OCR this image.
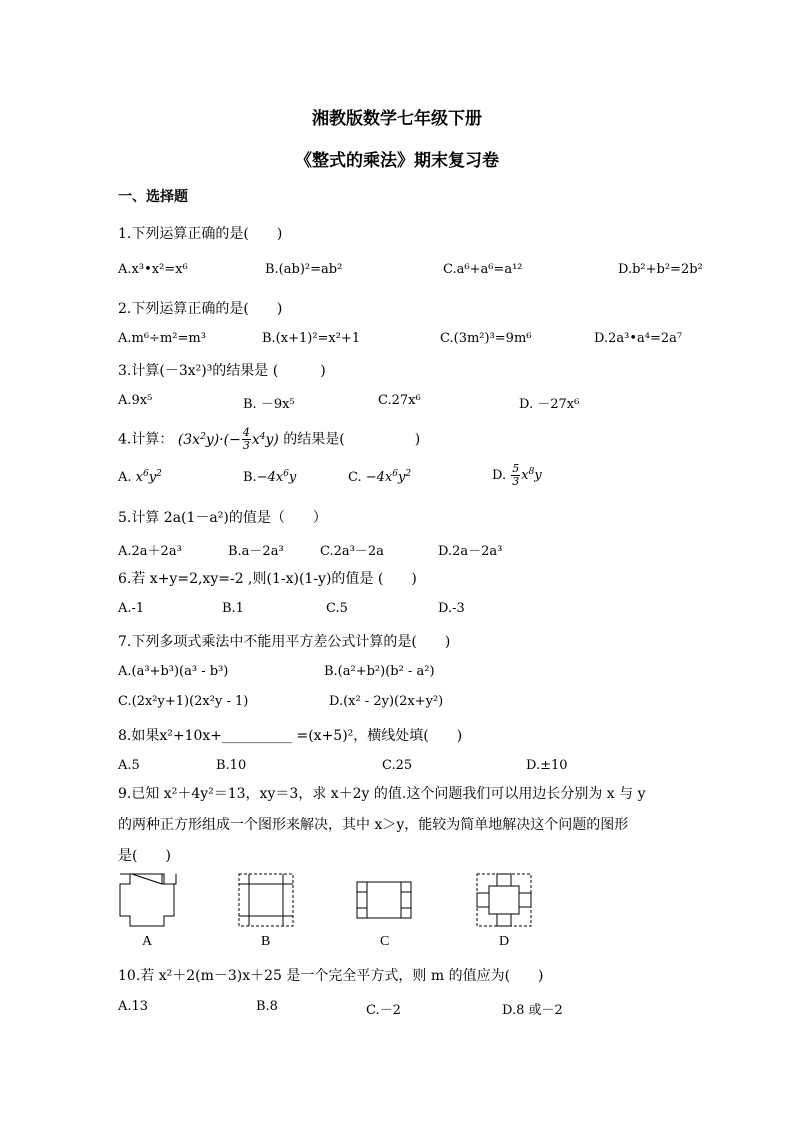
湘教版数学七年级下册
《整式的乘法》期末复习卷
一、选择题
1.下列运算正确的是(　　)
A.x³•x²=x⁶	B.(ab)²=ab²	C.a⁶+a⁶=a¹²	D.b²+b²=2b²
2.下列运算正确的是(　　)
A.m⁶÷m²=m³	B.(x+1)²=x²+1	C.(3m²)³=9m⁶	D.2a³•a⁴=2a⁷
3.计算(－3x²)³的结果是 (　　　)
A.9x⁵	B. －9x⁵	C.27x⁶	D. －27x⁶
4.计算： $(3x^2y)\cdot(- \frac{4}{3} x^4y)$ 的结果是(　　　　　)
A. $x^6y^2$	$B.-4x^6y$	C. $-4x^6y^2$	D. $\frac{5}{3} x^8y$
5.计算 2a(1－a²)的值是（　　）
A.2a＋2a³	B.a－2a³	C.2a³－2a	D.2a－2a³
6.若 x+y=2,xy=-2 ,则(1-x)(1-y)的值是 (　　)
A.-1	B.1	C.5	D.-3
7.下列多项式乘法中不能用平方差公式计算的是(　　)
A.(a³+b³)(a³ - b³)	B.(a²+b²)(b² - a²)
C.(2x²y+1)(2x²y - 1)	D.(x² - 2y)(2x+y²)
8.如果x²+10x+__________ =(x+5)²，横线处填(　　)
A.5	B.10	C.25	D.±10
9.已知 x²＋4y²＝13，xy＝3，求 x＋2y 的值.这个问题我们可以用边长分别为 x 与 y
的两种正方形组成一个图形来解决，其中 x＞y，能较为简单地解决这个问题的图形
是(　　)
A	B	C	D
10.若 x²＋2(m－3)x＋25 是一个完全平方式，则 m 的值应为(　　)
A.13	B.8	C.－2	D.8 或－2
